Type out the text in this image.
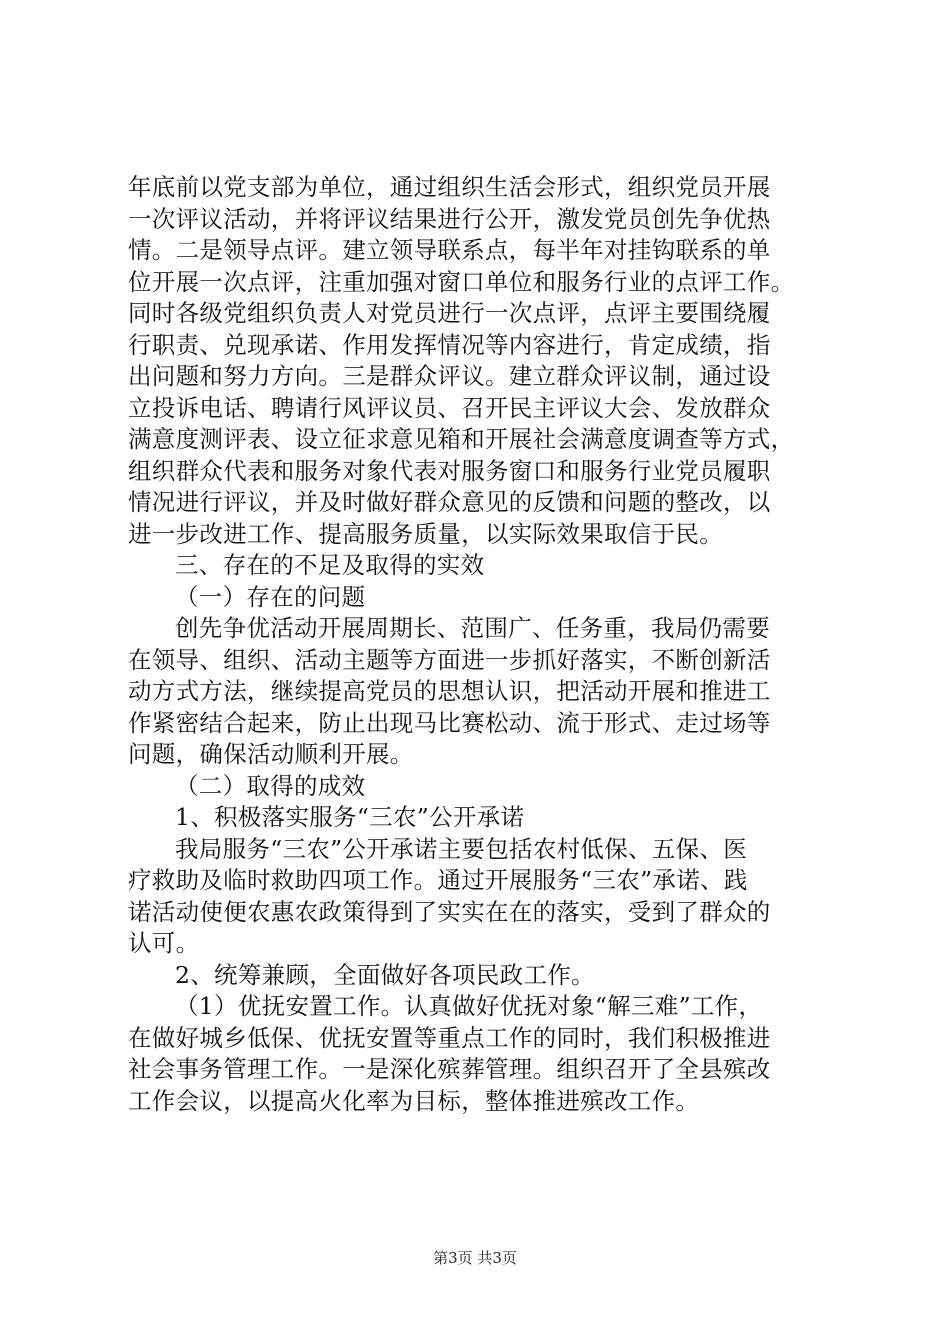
年底前以党支部为单位，通过组织生活会形式，组织党员开展
一次评议活动，并将评议结果进行公开，激发党员创先争优热
情。二是领导点评。建立领导联系点，每半年对挂钩联系的单
位开展一次点评，注重加强对窗口单位和服务行业的点评工作。
同时各级党组织负责人对党员进行一次点评，点评主要围绕履
行职责、兑现承诺、作用发挥情况等内容进行，肯定成绩，指
出问题和努力方向。三是群众评议。建立群众评议制，通过设
立投诉电话、聘请行风评议员、召开民主评议大会、发放群众
满意度测评表、设立征求意见箱和开展社会满意度调查等方式，
组织群众代表和服务对象代表对服务窗口和服务行业党员履职
情况进行评议，并及时做好群众意见的反馈和问题的整改，以
进一步改进工作、提高服务质量，以实际效果取信于民。
三、存在的不足及取得的实效
（一）存在的问题
创先争优活动开展周期长、范围广、任务重，我局仍需要
在领导、组织、活动主题等方面进一步抓好落实，不断创新活
动方式方法，继续提高党员的思想认识，把活动开展和推进工
作紧密结合起来，防止出现马比赛松动、流于形式、走过场等
问题，确保活动顺利开展。
（二）取得的成效
1、积极落实服务“三农”公开承诺
我局服务“三农”公开承诺主要包括农村低保、五保、医
疗救助及临时救助四项工作。通过开展服务“三农”承诺、践
诺活动使便农惠农政策得到了实实在在的落实，受到了群众的
认可。
2、统筹兼顾，全面做好各项民政工作。
（1）优抚安置工作。认真做好优抚对象“解三难”工作，
在做好城乡低保、优抚安置等重点工作的同时，我们积极推进
社会事务管理工作。一是深化殡葬管理。组织召开了全县殡改
工作会议，以提高火化率为目标，整体推进殡改工作。
第3页 共3页
